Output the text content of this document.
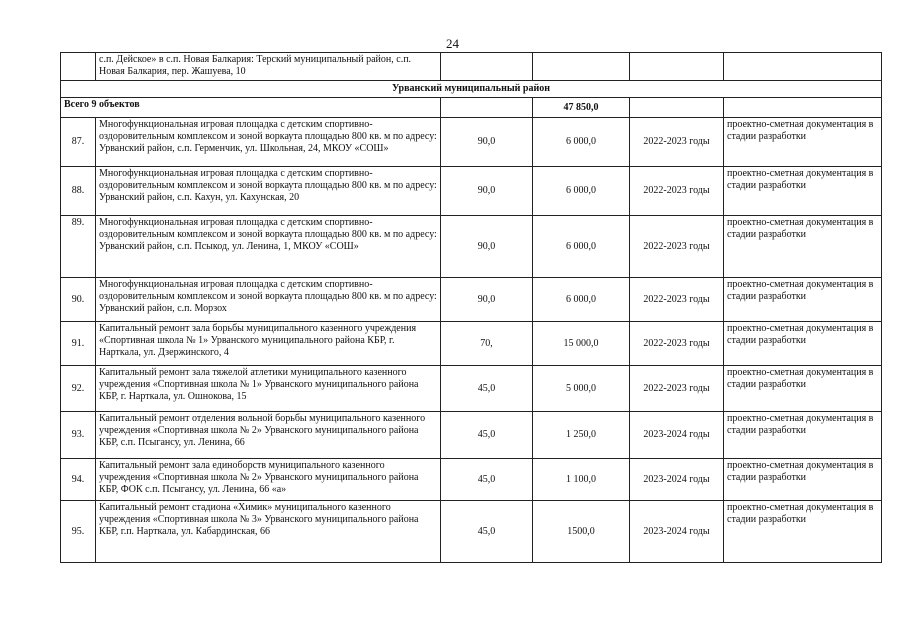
24
	с.п. Дейское» в с.п. Новая Балкария: Терский муниципальный район, с.п. Новая Балкария, пер. Жашуева, 10				
Урванский муниципальный район					
Всего 9 объектов			47 850,0		
87.	Многофункциональная игровая площадка с детским спортивно-оздоровительным комплексом и зоной воркаута площадью 800 кв. м по адресу: Урванский район, с.п. Герменчик, ул. Школьная, 24, МКОУ «СОШ»	90,0	6 000,0	2022-2023 годы	проектно-сметная документация в стадии разработки
88.	Многофункциональная игровая площадка с детским спортивно-оздоровительным комплексом и зоной воркаута площадью 800 кв. м по адресу: Урванский район, с.п. Кахун, ул. Кахунская, 20	90,0	6 000,0	2022-2023 годы	проектно-сметная документация в стадии разработки
89.	Многофункциональная игровая площадка с детским спортивно-оздоровительным комплексом и зоной воркаута площадью 800 кв. м по адресу: Урванский район, с.п. Псыкод, ул. Ленина, 1, МКОУ «СОШ»	90,0	6 000,0	2022-2023 годы	проектно-сметная документация в стадии разработки
90.	Многофункциональная игровая площадка с детским спортивно-оздоровительным комплексом и зоной воркаута площадью 800 кв. м по адресу: Урванский район, с.п. Морзох	90,0	6 000,0	2022-2023 годы	проектно-сметная документация в стадии разработки
91.	Капитальный ремонт зала борьбы муниципального казенного учреждения «Спортивная школа № 1» Урванского муниципального района КБР, г. Нарткала, ул. Дзержинского, 4	70,	15 000,0	2022-2023 годы	проектно-сметная документация в стадии разработки
92.	Капитальный ремонт зала тяжелой атлетики муниципального казенного учреждения «Спортивная школа № 1» Урванского муниципального района КБР, г. Нарткала, ул. Ошнокова, 15	45,0	5 000,0	2022-2023 годы	проектно-сметная документация в стадии разработки
93.	Капитальный ремонт отделения вольной борьбы муниципального казенного учреждения «Спортивная школа № 2» Урванского муниципального района КБР, с.п. Псыгансу, ул. Ленина, 66	45,0	1 250,0	2023-2024 годы	проектно-сметная документация в стадии разработки
94.	Капитальный ремонт зала единоборств муниципального казенного учреждения «Спортивная школа № 2» Урванского муниципального района КБР, ФОК с.п. Псыгансу, ул. Ленина, 66 «а»	45,0	1 100,0	2023-2024 годы	проектно-сметная документация в стадии разработки
95.	Капитальный ремонт стадиона «Химик» муниципального казенного учреждения «Спортивная школа № 3» Урванского муниципального района КБР, г.п. Нарткала, ул. Кабардинская, 66	45,0	1500,0	2023-2024 годы	проектно-сметная документация в стадии разработки
